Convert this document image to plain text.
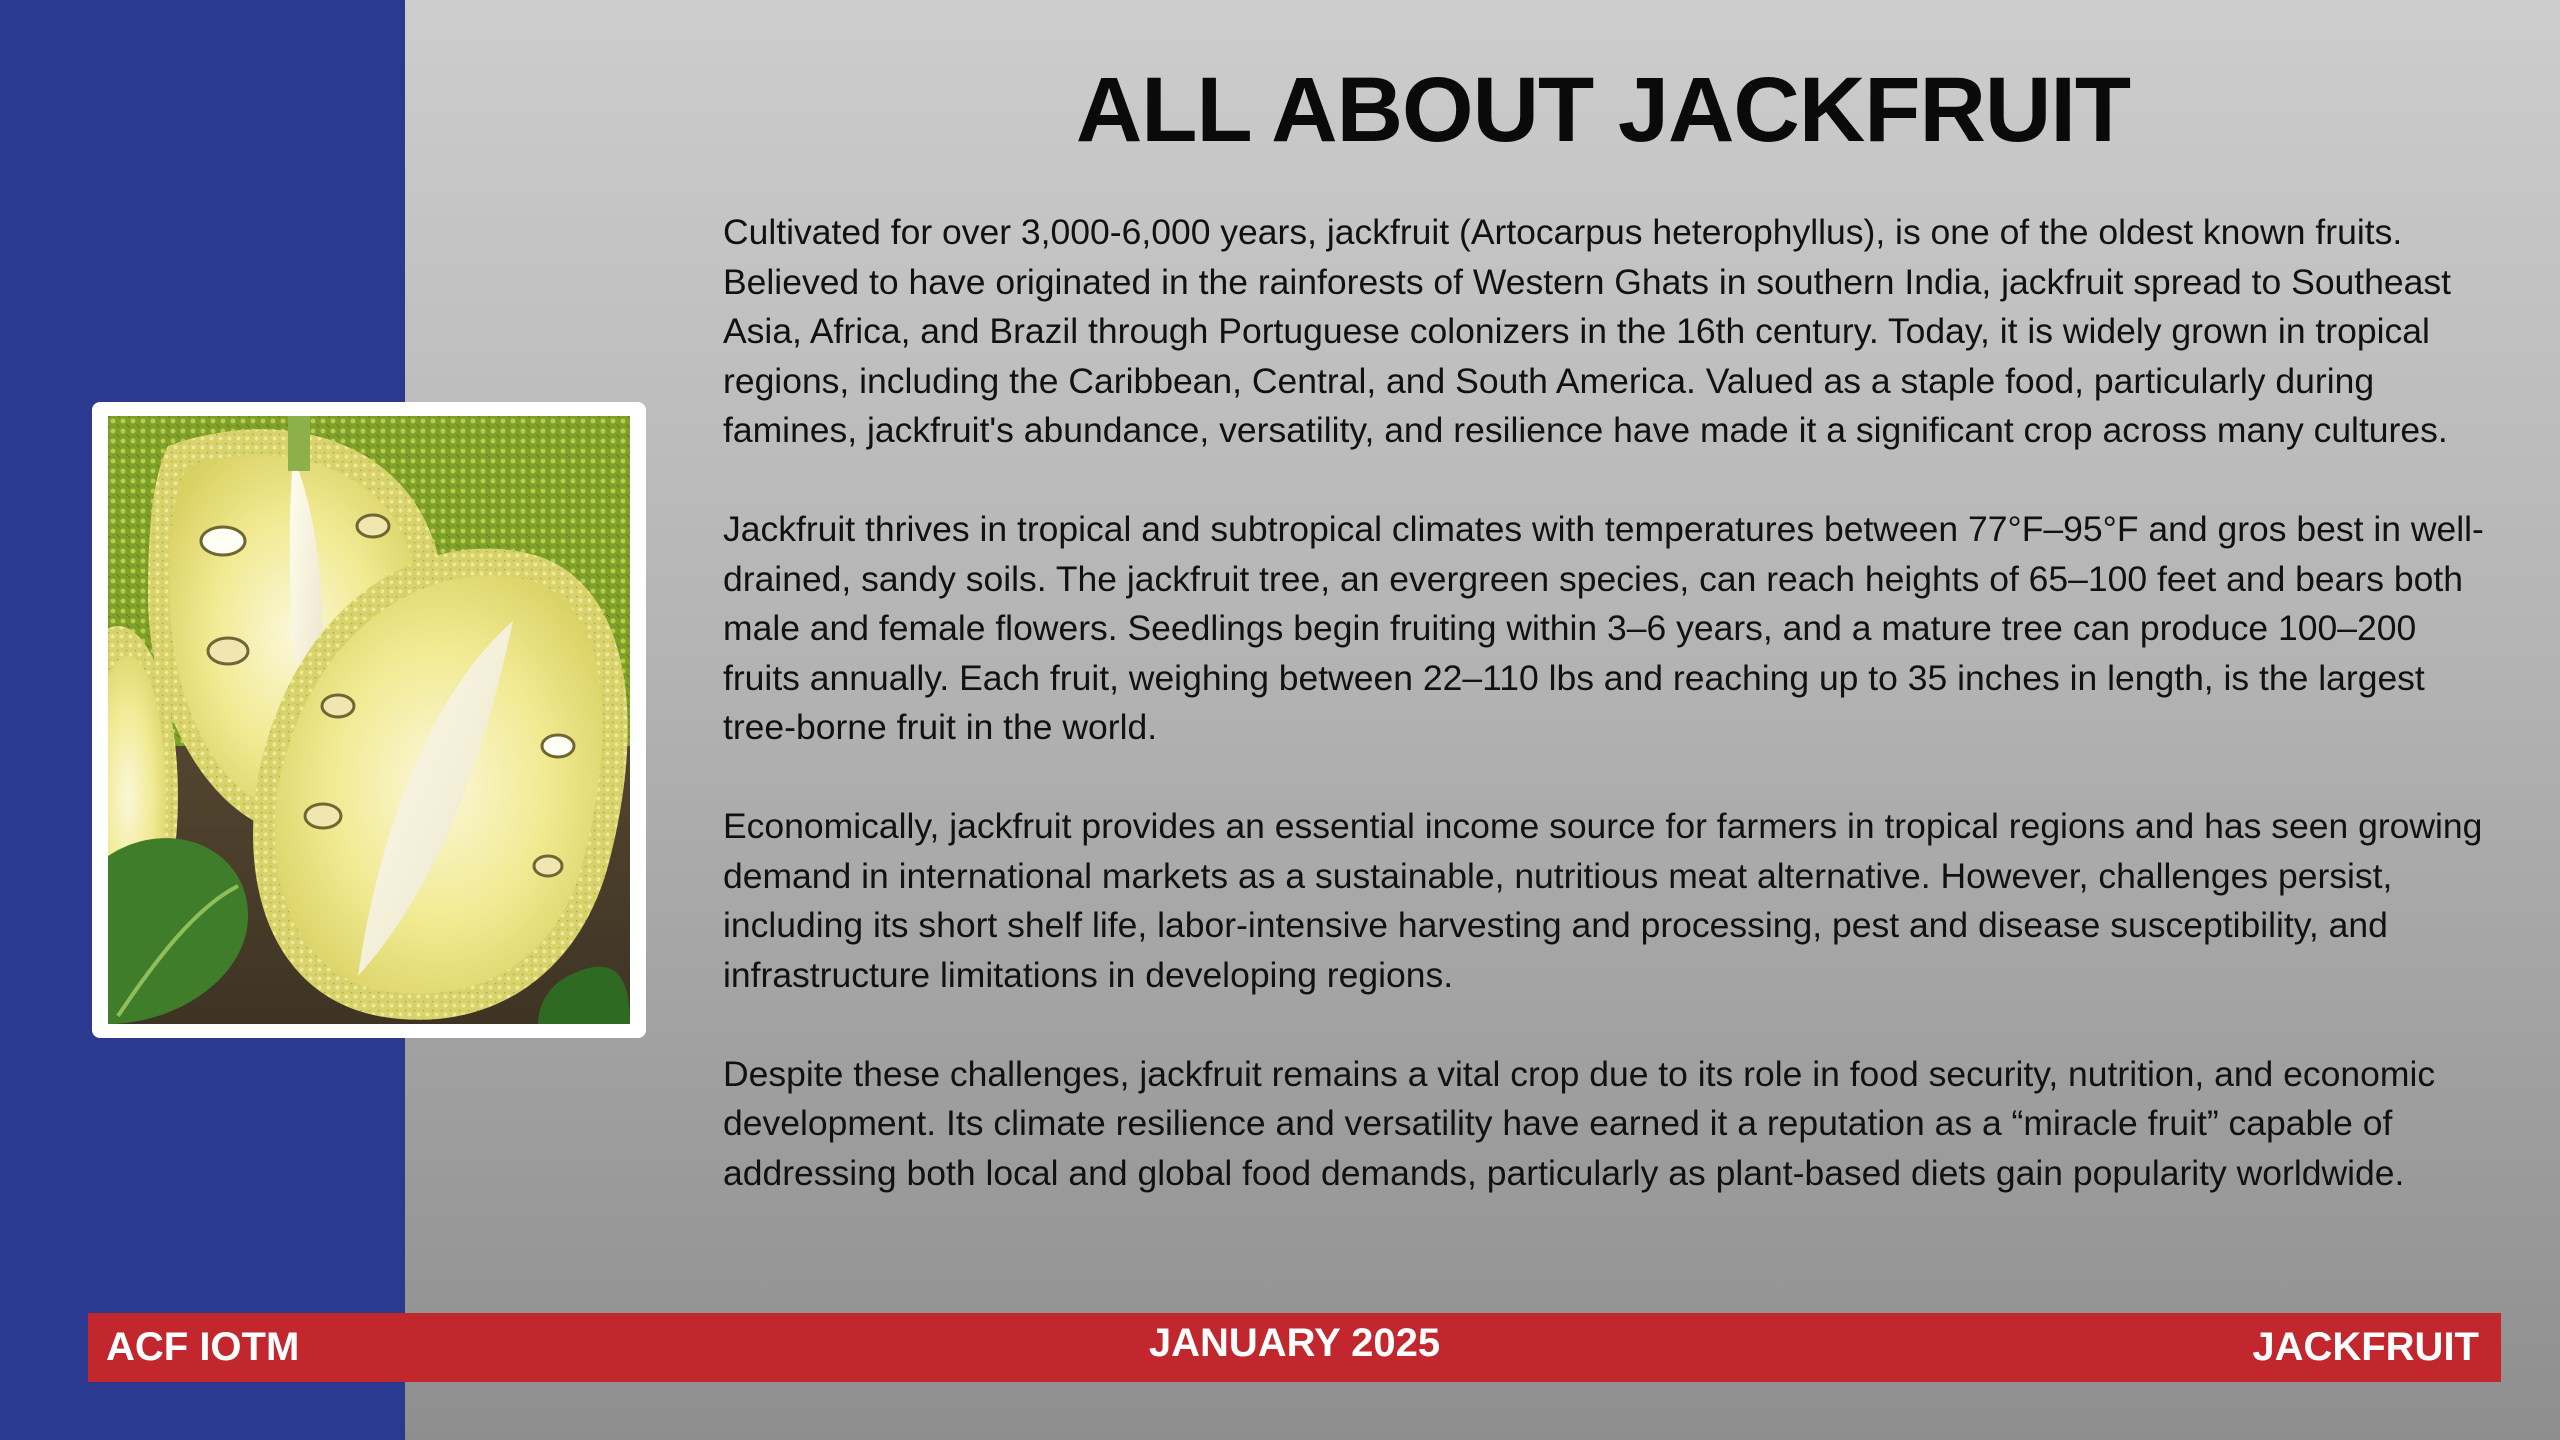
ALL ABOUT JACKFRUIT

Cultivated for over 3,000-6,000 years, jackfruit (Artocarpus heterophyllus), is one of the oldest known fruits. Believed to have originated in the rainforests of Western Ghats in southern India, jackfruit spread to Southeast Asia, Africa, and Brazil through Portuguese colonizers in the 16th century. Today, it is widely grown in tropical regions, including the Caribbean, Central, and South America. Valued as a staple food, particularly during famines, jackfruit's abundance, versatility, and resilience have made it a significant crop across many cultures.

Jackfruit thrives in tropical and subtropical climates with temperatures between 77°F–95°F and gros best in well-drained, sandy soils. The jackfruit tree, an evergreen species, can reach heights of 65–100 feet and bears both male and female flowers. Seedlings begin fruiting within 3–6 years, and a mature tree can produce 100–200 fruits annually. Each fruit, weighing between 22–110 lbs and reaching up to 35 inches in length, is the largest tree-borne fruit in the world.

Economically, jackfruit provides an essential income source for farmers in tropical regions and has seen growing demand in international markets as a sustainable, nutritious meat alternative. However, challenges persist, including its short shelf life, labor-intensive harvesting and processing, pest and disease susceptibility, and infrastructure limitations in developing regions.

Despite these challenges, jackfruit remains a vital crop due to its role in food security, nutrition, and economic development. Its climate resilience and versatility have earned it a reputation as a “miracle fruit” capable of addressing both local and global food demands, particularly as plant-based diets gain popularity worldwide.

ACF IOTM	JANUARY 2025	JACKFRUIT
